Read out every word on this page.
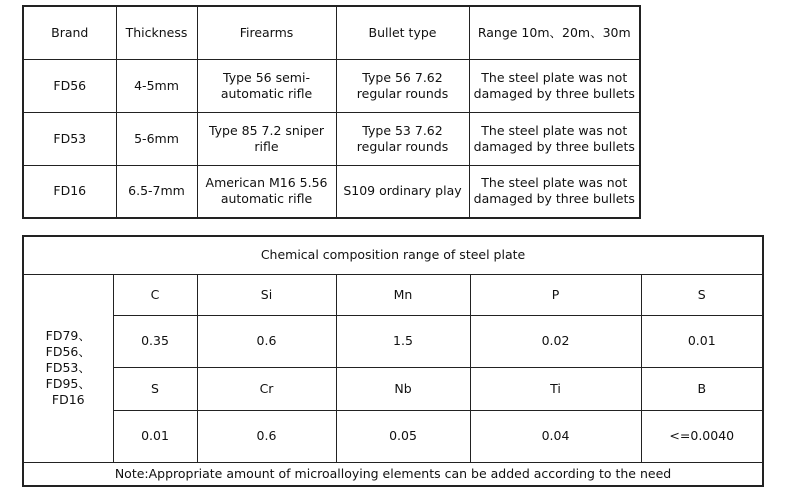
Brand	Thickness	Firearms	Bullet type	Range 10m、20m、30m
FD56	4-5mm	Type 56 semi-automatic rifle	Type 56 7.62 regular rounds	The steel plate was not damaged by three bullets
FD53	5-6mm	Type 85 7.2 sniper rifle	Type 53 7.62 regular rounds	The steel plate was not damaged by three bullets
FD16	6.5-7mm	American M16 5.56 automatic rifle	S109 ordinary play	The steel plate was not damaged by three bullets
Chemical composition range of steel plate					
FD79、FD56、FD53、FD95、FD16	C	Si	Mn	P	S
	0.35	0.6	1.5	0.02	0.01
	S	Cr	Nb	Ti	B
	0.01	0.6	0.05	0.04	<=0.0040
Note:Appropriate amount of microalloying elements can be added according to the need					
